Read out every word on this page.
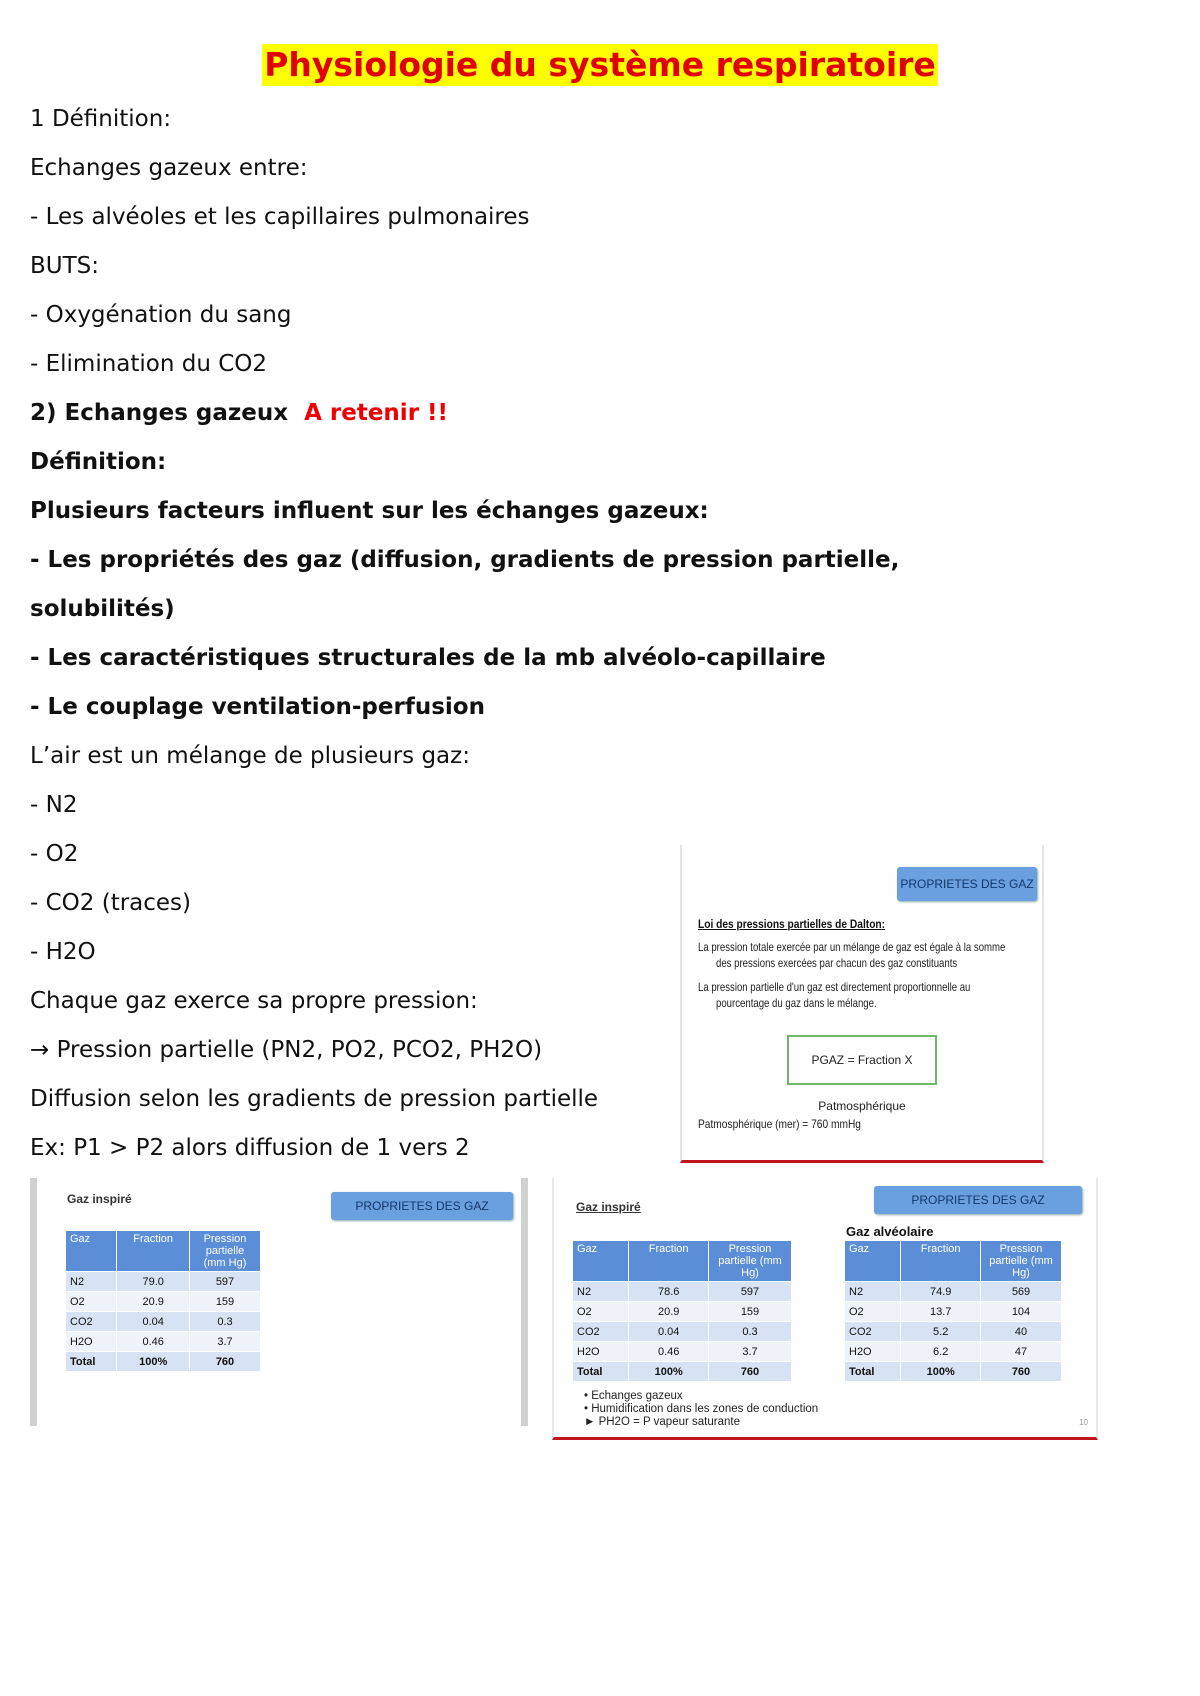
Physiologie du système respiratoire
1 Définition:
Echanges gazeux entre:
- Les alvéoles et les capillaires pulmonaires
BUTS:
- Oxygénation du sang
- Elimination du CO2
2) Echanges gazeux A retenir !!
Définition:
Plusieurs facteurs influent sur les échanges gazeux:
- Les propriétés des gaz (diffusion, gradients de pression partielle,
solubilités)
- Les caractéristiques structurales de la mb alvéolo-capillaire
- Le couplage ventilation-perfusion
L’air est un mélange de plusieurs gaz:
- N2
- O2
- CO2 (traces)
- H2O
Chaque gaz exerce sa propre pression:
→ Pression partielle (PN2, PO2, PCO2, PH2O)
Diffusion selon les gradients de pression partielle
Ex: P1 > P2 alors diffusion de 1 vers 2
PROPRIETES DES GAZ
Loi des pressions partielles de Dalton:
La pression totale exercée par un mélange de gaz est égale à la somme
des pressions exercées par chacun des gaz constituants
La pression partielle d'un gaz est directement proportionnelle au
pourcentage du gaz dans le mélange.
PGAZ = Fraction X Patmosphérique
Patmosphérique (mer) = 760 mmHg
Gaz inspiré	PROPRIETES DES GAZ
Gaz	Fraction	Pression partielle (mm Hg)
N2	79.0	597
O2	20.9	159
CO2	0.04	0.3
H2O	0.46	3.7
Total	100%	760
Gaz inspiré	PROPRIETES DES GAZ
Gaz alvéolaire
Gaz	Fraction	Pression partielle (mm Hg)
N2	78.6	597
O2	20.9	159
CO2	0.04	0.3
H2O	0.46	3.7
Total	100%	760
Gaz	Fraction	Pression partielle (mm Hg)
N2	74.9	569
O2	13.7	104
CO2	5.2	40
H2O	6.2	47
Total	100%	760
• Echanges gazeux
• Humidification dans les zones de conduction
► PH2O = P vapeur saturante	10
